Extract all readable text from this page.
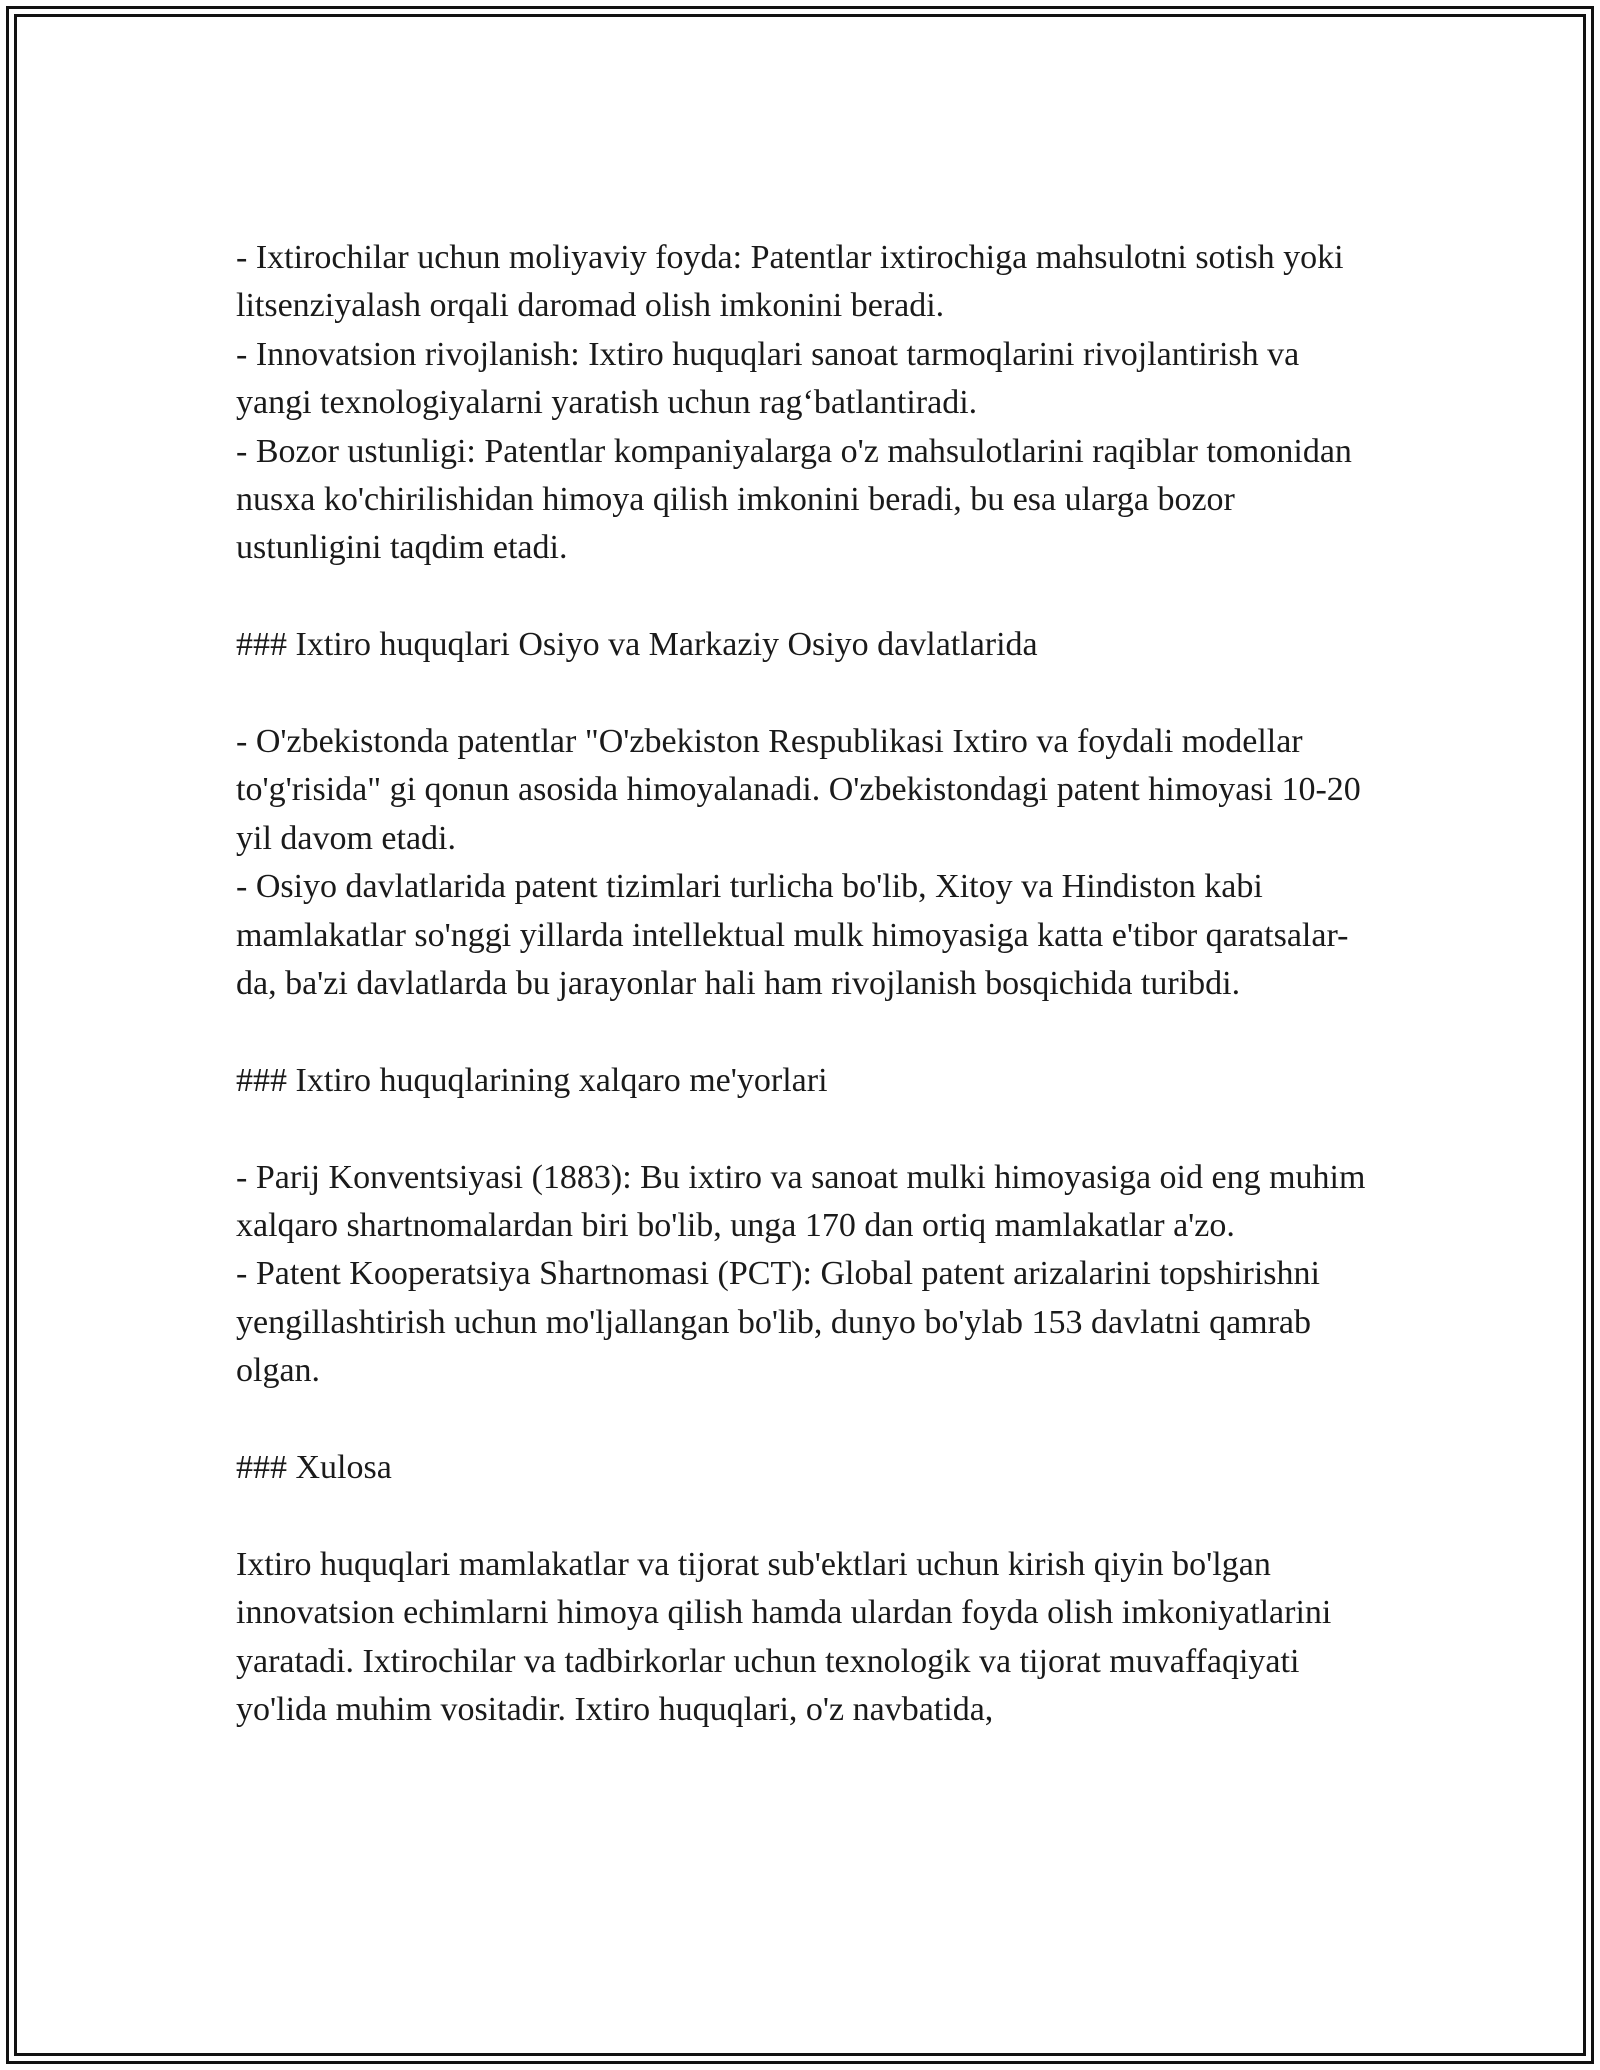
- Ixtirochilar uchun moliyaviy foyda: Patentlar ixtirochiga mahsulotni sotish yoki litsenziyalash orqali daromad olish imkonini beradi.

- Innovatsion rivojlanish: Ixtiro huquqlari sanoat tarmoqlarini rivojlantirish va yangi texnologiyalarni yaratish uchun rag‘batlantiradi.

- Bozor ustunligi: Patentlar kompaniyalarga o'z mahsulotlarini raqiblar tomonidan nusxa ko'chirilishidan himoya qilish imkonini beradi, bu esa ularga bozor ustunligini taqdim etadi.

### Ixtiro huquqlari Osiyo va Markaziy Osiyo davlatlarida

- O'zbekistonda patentlar "O'zbekiston Respublikasi Ixtiro va foydali modellar to'g'risida" gi qonun asosida himoyalanadi. O'zbekistondagi patent himoyasi 10-20 yil davom etadi.

- Osiyo davlatlarida patent tizimlari turlicha bo'lib, Xitoy va Hindiston kabi mamlakatlar so'nggi yillarda intellektual mulk himoyasiga katta e'tibor qaratsalar-da, ba'zi davlatlarda bu jarayonlar hali ham rivojlanish bosqichida turibdi.

### Ixtiro huquqlarining xalqaro me'yorlari

- Parij Konventsiyasi (1883): Bu ixtiro va sanoat mulki himoyasiga oid eng muhim xalqaro shartnomalardan biri bo'lib, unga 170 dan ortiq mamlakatlar a'zo.

- Patent Kooperatsiya Shartnomasi (PCT): Global patent arizalarini topshirishni yengillashtirish uchun mo'ljallangan bo'lib, dunyo bo'ylab 153 davlatni qamrab olgan.

### Xulosa

Ixtiro huquqlari mamlakatlar va tijorat sub'ektlari uchun kirish qiyin bo'lgan innovatsion echimlarni himoya qilish hamda ulardan foyda olish imkoniyatlarini yaratadi. Ixtirochilar va tadbirkorlar uchun texnologik va tijorat muvaffaqiyati yo'lida muhim vositadir. Ixtiro huquqlari, o'z navbatida,
